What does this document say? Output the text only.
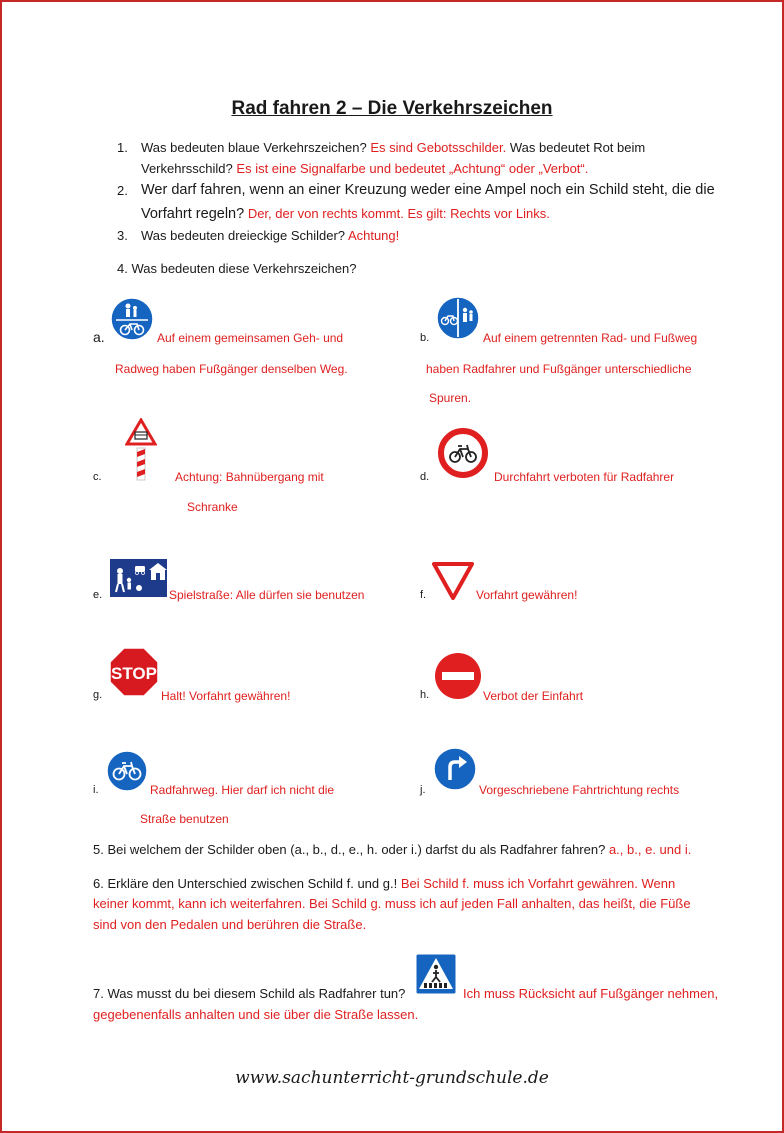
Rad fahren 2 – Die Verkehrszeichen
1. Was bedeuten blaue Verkehrszeichen? Es sind Gebotsschilder. Was bedeutet Rot beim
Verkehrsschild? Es ist eine Signalfarbe und bedeutet „Achtung“ oder „Verbot“.
2. Wer darf fahren, wenn an einer Kreuzung weder eine Ampel noch ein Schild steht, die die
Vorfahrt regeln? Der, der von rechts kommt. Es gilt: Rechts vor Links.
3. Was bedeuten dreieckige Schilder? Achtung!
4. Was bedeuten diese Verkehrszeichen?
a.	Auf einem gemeinsamen Geh- und
Radweg haben Fußgänger denselben Weg.
b.	Auf einem getrennten Rad- und Fußweg
haben Radfahrer und Fußgänger unterschiedliche
Spuren.
c.	Achtung: Bahnübergang mit
Schranke
d.	Durchfahrt verboten für Radfahrer
e.	Spielstraße: Alle dürfen sie benutzen	f.	Vorfahrt gewähren!
g.
STOP
Halt! Vorfahrt gewähren!	h.	Verbot der Einfahrt
i.	Radfahrweg. Hier darf ich nicht die
Straße benutzen
j.	Vorgeschriebene Fahrtrichtung rechts
5. Bei welchem der Schilder oben (a., b., d., e., h. oder i.) darfst du als Radfahrer fahren? a., b., e. und i.
6. Erkläre den Unterschied zwischen Schild f. und g.! Bei Schild f. muss ich Vorfahrt gewähren. Wenn
keiner kommt, kann ich weiterfahren. Bei Schild g. muss ich auf jeden Fall anhalten, das heißt, die Füße
sind von den Pedalen und berühren die Straße.
7. Was musst du bei diesem Schild als Radfahrer tun?	Ich muss Rücksicht auf Fußgänger nehmen,
gegebenenfalls anhalten und sie über die Straße lassen.
www.sachunterricht-grundschule.de
